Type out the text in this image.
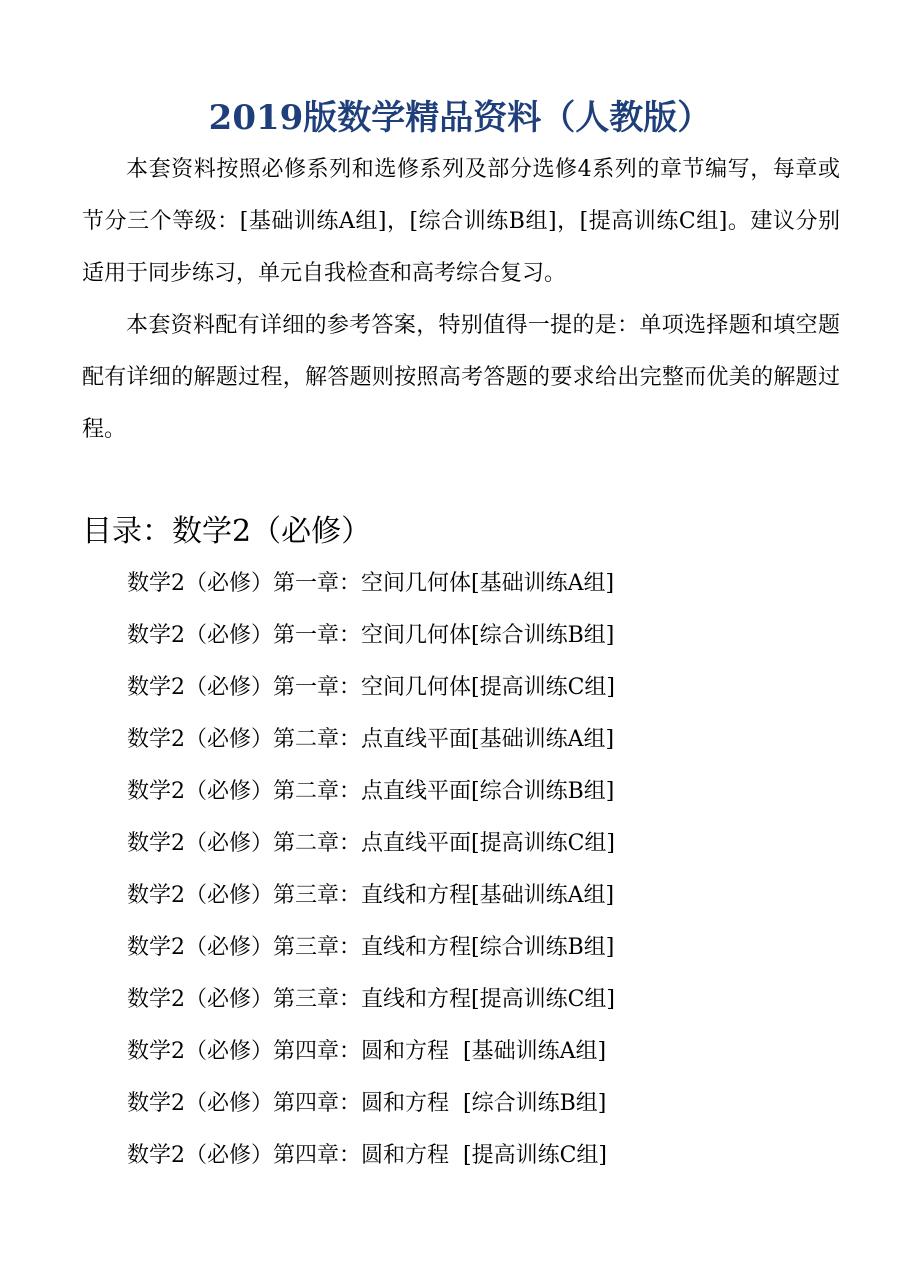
2019版数学精品资料（人教版）

本套资料按照必修系列和选修系列及部分选修4系列的章节编写，每章或节分三个等级：[基础训练A组]，[综合训练B组]，[提高训练C组]。建议分别适用于同步练习，单元自我检查和高考综合复习。

本套资料配有详细的参考答案，特别值得一提的是：单项选择题和填空题配有详细的解题过程，解答题则按照高考答题的要求给出完整而优美的解题过程。

目录：数学2（必修）
数学2（必修）第一章：空间几何体[基础训练A组]
数学2（必修）第一章：空间几何体[综合训练B组]
数学2（必修）第一章：空间几何体[提高训练C组]
数学2（必修）第二章：点直线平面[基础训练A组]
数学2（必修）第二章：点直线平面[综合训练B组]
数学2（必修）第二章：点直线平面[提高训练C组]
数学2（必修）第三章：直线和方程[基础训练A组]
数学2（必修）第三章：直线和方程[综合训练B组]
数学2（必修）第三章：直线和方程[提高训练C组]
数学2（必修）第四章：圆和方程  [基础训练A组]
数学2（必修）第四章：圆和方程  [综合训练B组]
数学2（必修）第四章：圆和方程  [提高训练C组]
